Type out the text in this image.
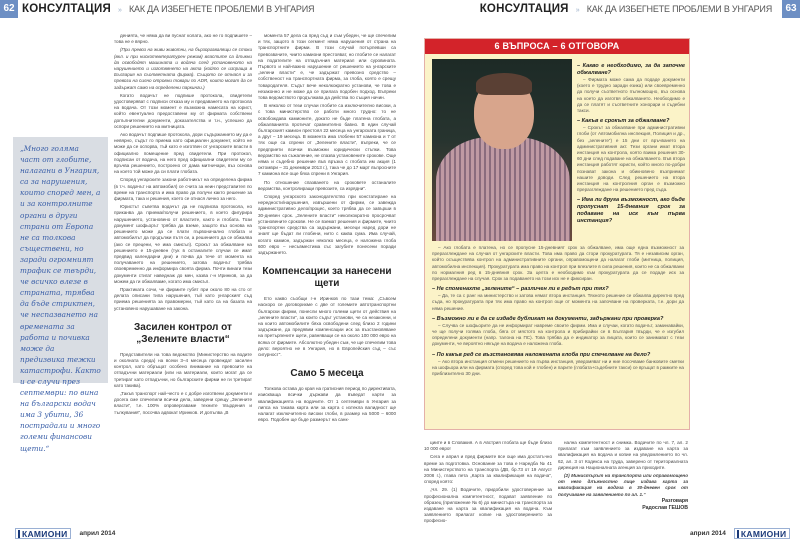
62 КОНСУЛТАЦИЯ » КАК ДА ИЗБЕГНЕТЕ ПРОБЛЕМИ В УНГАРИЯ
„Много голяма част от глобите, налагани в Унгария, са за нарушения, които според мен, а и за контролните органи в други страни от Европа не са толкова съществени, но заради огромният трафик се твърди, че всичко влезе в страната, трябва да бъде стриктен, че неспазването на времената за работа и почивка може да предизвика тежки катастрофи. Както и се случи през септември: по вина на български водач има 3 убити, 36 пострадали и много големи финансови щети.“

денията, че няма да ви пуснат колата, ако не го подпишете – това не е вярно.

(При превоз на живи животни, на бързоразвалящи се стоки (вкл. и при нискотемпературен режим) властите са длъжни да освободят машината и водача след установеното на нарушението и изготвянето на акта (който се изпраща в България на съответната фирма). Същото се отнася и за превози на силно отровни товари по ADR, които могат да се задържат само на определени паркинги.)

Когато водачът не подпише протокола, свидетели удостоверяват с подписи отказа му и предаването на протокола на водача. От този момент е възможна намесата на юрист, който евентуално предоставени му от фирмата собствени допълнителни документи, доказателства и т.н., успешно да оспори решението на митницата.

Ако водачът подпише протокола, дори съдържанието му да е невярно, съдът го приема като официален документ, който не може да се оспорва, тъй като е изготвен от унгарските власти в официално помещение пред свидетели. При протокол, подписан от водача, на него пред официални свидетели му се връчва решението, построено от дама митничари, въз основа на което той може да си плати глобата.

Според унгарските закони работникът на определена фирма (в т.ч. водачът на автомобил) се счита за неин представител по време на транспорта и има право да получи както решение за фирмата, така и решения, което се отнася лично за него.

Юристът съветва водачът да не подписва протокола, но приканва да приема/получи решението, в което фигурира нарушението, установено от властите, както и глобата. Този документ шофьорът трябва да вземе, защото въз основа на решението може да се плати първоначално глобата и автомобилът да продължи пътя си, а решението да се обжалва (ако се прецени, че има смисъл). Срокът за обжалване на решението е 15-дневен (тук в останалите случаи се имат предвид календарни дни) и почва да тече от момента на получаването на решението, затова водачът трябва своевременно да информира своята фирма. Почти винаги тези документи стигат наведнаж до мен, казва г-н Иринков, за да можем да ги обжалваме, когато има смисъл.

Практиката сочи, че фирмите губят при около 80 на сто от делата описани типа нарушения, тъй като унгарският съд приема решенията за правомерни, тъй като са на базата на установено нарушаване на закона.

Засилен контрол от „Зелените власти“

Представители на това ведомство (Министерство на водите и околната среда) на всеки 3–4 месеца провеждат засилен контрол, като обръщат особено внимание на превозите на отпадъчни материали (или на материали, които могат да се третират като отпадъчни, но българските фирми не ги третират като такива).

„Такъв транспорт най-често е с добре изготвени документи и досега сме спечелили всички дела, заведени срещу „Зелените власти“, т.е. 100% опровергаваме техните твърдения и тълкувания“, посочва адвокат Иринков. И допълва „В

момента 57 дела са пред съд и съм убеден, че ще спечелим и тях, защото в този сегмент няма нарушения от страна на транспортните фирми. В този случай потърпевши са превозвачите, чиито камиони престояват, но глобите се налагат на подателите на отпадъчния материал или суровината. Първото и най-важно нарушение от решението на унгарските „зелени власти“ е, че задържат превозно средство – собственост на транспортната фирма, за глоба, която е срещу товародателя. Съдът вече неколкократно установи, че това е незаконно и не може да се прилага подобен подход. Въпреки това ведомството продължава да действа по същия начин.

В няколко от тези случаи глобите са изключително високи, а с това министерство се работи много трудно: то не освобождава камионите, докато не бъде платена глобата, а обжалванията протичат сравнително бавно. В един случай българският камион престоял 22 месеца на унгарската граница, а друг – 19 месеца. В момента има глобени 57 камиона и 7 от тях още са спрени от „Зелените власти“, въпреки, че се предприети всички възможни юридически стъпки. Това ведомство на съжаление, не спазва установените срокове. Още няма и съдебно решение във връзка с глобата им акция (1 октомври – 31 декември 2013 г.), така че до 17 март въпросните 7 камиона все още бяха спрени в Унгария.

По отношение спазването на сроковете останалите ведомства, контролиращи превозите, са изрядни“.

Според унгарското законодателство при констатиране на нередности/нарушения, извършени от фирми, се завежда административно дело/процес, което трябва да се завърши в 30-дневен срок. „Зелените власти“ неколкократно просрочват установените срокове. Не се вземат решения и фирмите, чиито транспортни средства са задържани, месеци наред дори не знаят ще бъдат ли глобени, нито с каква сума. Има случай, когато камион, задържан няколко месеца, е наложена глоба 600 евро – несъвместима със загубите понесени поради задържането.

Компенсации за нанесени щети

Ето какво съобщи г-н Иринков по тази тема: „Съвсем наскоро се договорихме с две от големите автотранспортни български фирми, понесли много големи щети от действия на „зелените власти“, за които съдът установи, че са незаконни, и на които автомобилите бяха освободени след близо 2 години задържане, да предявим компенсации иск за възстановяване на претърпените щети, равняващи се на около 100 000 евро на всяка от фирмите. Абсолютно убеден съм, че ще спечелим това дело: вероятно не в Унгария, но в Европейския съд – със сигурност“.

Само 5 месеца

Толкова остава до края на гратисния период по директивата, изискваща всички държави да въведат карти за квалификацията на водачите. От 1 септември в Унгария за липса на такава карта или за карта с изтекла валидност ще налагат изключително високи глоби, в размер на 5000 – 6000 евро. Подобен ще бъде размерът на санк-

КАМИОНИ	април 2014
КОНСУЛТАЦИЯ » КАК ДА ИЗБЕГНЕТЕ ПРОБЛЕМИ В УНГАРИЯ	63
6 ВЪПРОСА – 6 ОТГОВОРА
– Какво е необходимо, за да започне обжалване?
– Фирмата може сама да подаде документи (което е трудно заради езика) или своевременно да получи съответното пълномощно, въз основа на което да изготвя обжалването. Необходимо е да се платят и съответните хонорари и съдебни такси.
– Какъв е срокът за обжалване?
– Срокът за обжалване при административни глоби (от Автомобилна инспекция, Полиция и др., без „зелените“) е 15 дни от връчването на административния акт. Тези органи имат втора инстанция на контрола, която взима решения 30-60 дни след подаване на обжалването. Във втора инстанция работят юристи, който много по-добри познават закона и обикновено възприемат нашите доводи. След решението на втора инстанция на контролния орган е възможно преразглеждане на решението пред съда.
– Има ли друга възможност, ако бъде пропуснат 15-дневния срок за подаване на иск към първа инстанция?
– Ако глобата е платена, но се пропусне 15-дневният срок за обжалване, има още една възможност за преразглеждане на случая от унгарските власти. Това има право да стори прокуратурата. Тя е независим орган, който осъществява контрол на административните органи, оправомощени да налагат глоби (митница, полиция, автомобилна инспекция). Прокуратурата има право на контрол при влезлите в сила решения, които не са обжалвани по нормалния ред в 15-дневния срок. За целта е необходимо към прокуратурата да се подаде иск за преразглеждане на случая. Срок за подаването на този иск не е фиксиран.
– Не споменахте „зелените“ – различен ли е редът при тях?
– Да, те са с ранг на министерство и затова нямат втора инстанция. Тяхното решение се обжалва директно пред съда, но прокуратурата при тях има право на контрол още от момента на започване на проверката, т.е. дори да няма решение.
– Възможно ли е да се издаде дубликат на документи, задържани при проверка?
– Случва се шофьорите да не информират навреме своите фирми. Има и случаи, когато водачът, заминавайки, че ще получи голяма глоба, бяга от мястото на контрола и прибирайки се в България твърди, че е изгубил определени документи (напр. талона на ПС). Това трябва да е индикатор за лицата, които се занимават с тези документи, че вероятно някъде на водача е наложена глоба.
– По какъв ред се възстановява наложената глоба при спечелване на дело?
– Ако втора инстанция отмени решението на първа инстанция, уведомяват ни и ние посочваме банковите сметки на шофьора или на фирмата (според това кой е глобен) и парите (глобата+съдебните такси) се връщат в рамките на приблизително 30 дни.

циите и в Словакия. А в Австрия глобата ще бъде близо 10 000 евро!

Сега е април и пред фирмите все още има достатъчно време за подготовка. Основание за това е Наредба № 41 на Министерството на транспорта (ДВ, бр.73 от 19 Август 2008 г.), глава пета „Карта за квалификация на водача“, според която:

„Чл. 29. (1) Водачите, придобили удостоверение за професионална компетентност, подават заявление по образец (приложение № 6) до министъра на транспорта за издаване на карта за квалификация на водача. Към заявлението прилагат копие на удостоверението за професио-

нална компетентност и снимка. Водачите по чл. 7, ал. 2 прилагат към заявлението за издаване на карта за квалификация на водача и копие на уведомлението по чл. 62, ал. 3 от Кодекса на труда, заверено от териториалната дирекция на Националната агенция за приходите.

(2) Министърът на транспорта или оправомощено от него длъжностно лице издава карта за квалификация на водача в 30-дневен срок от получаване на заявлението по ал. 1.“

Разговаря
Радослав ГЕШОВ
април 2014	КАМИОНИ
